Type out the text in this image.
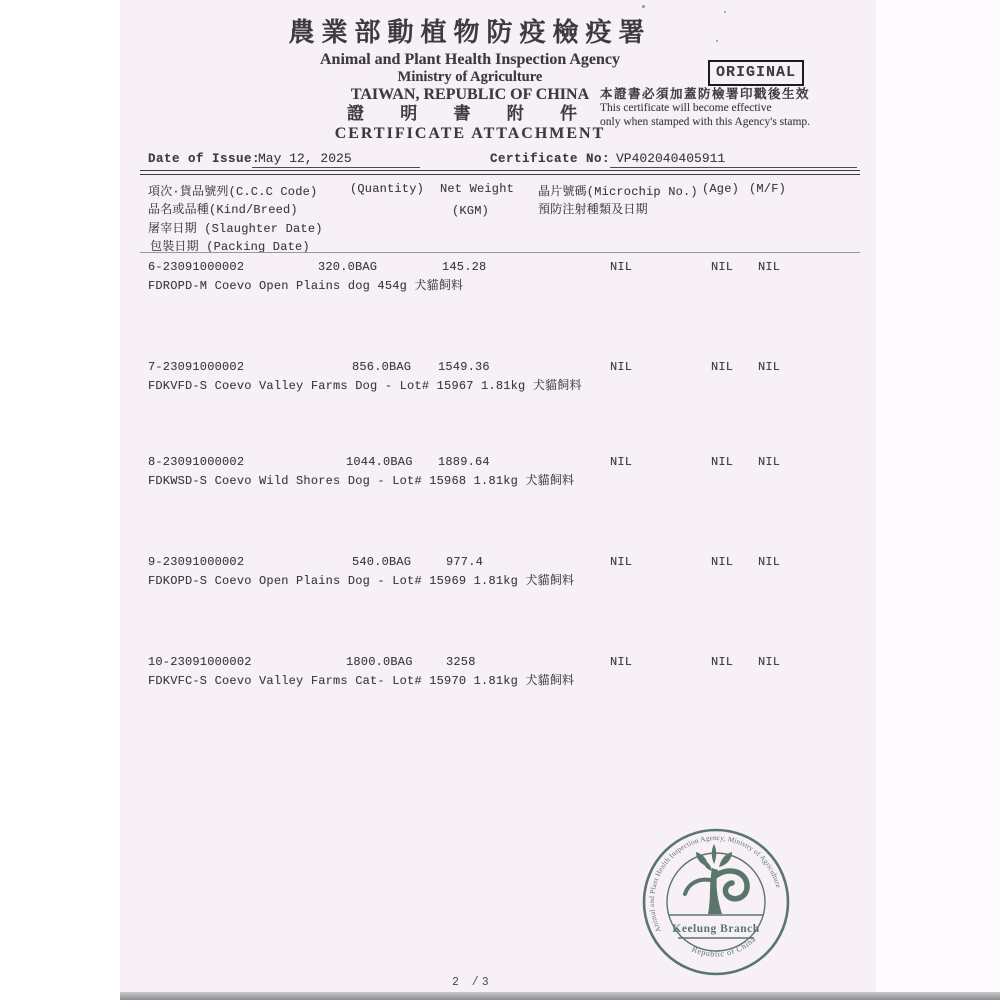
農業部動植物防疫檢疫署
Animal and Plant Health Inspection Agency
Ministry of Agriculture
TAIWAN, REPUBLIC OF CHINA
證 明 書 附 件
CERTIFICATE ATTACHMENT
ORIGINAL
本證書必須加蓋防檢署印戳後生效
This certificate will become effective
only when stamped with this Agency's stamp.
Date of Issue:
May 12, 2025	Certificate No: VP402040405911
項次·貨品號列(C.C.C Code)	(Quantity) Net Weight 晶片號碼(Microchip No.) (Age) (M/F)
品名或品種(Kind/Breed)	(KGM)	預防注射種類及日期
屠宰日期 (Slaughter Date)
包裝日期 (Packing Date)
6-23091000002	320.0BAG	145.28	NIL	NIL NIL
FDROPD-M Coevo Open Plains dog 454g 犬貓飼料
7-23091000002	856.0BAG 1549.36	NIL	NIL NIL
FDKVFD-S Coevo Valley Farms Dog - Lot# 15967 1.81kg 犬貓飼料
8-23091000002	1044.0BAG 1889.64	NIL	NIL NIL
FDKWSD-S Coevo Wild Shores Dog - Lot# 15968 1.81kg 犬貓飼料
9-23091000002	540.0BAG	977.4	NIL	NIL NIL
FDKOPD-S Coevo Open Plains Dog - Lot# 15969 1.81kg 犬貓飼料
10-23091000002	1800.0BAG	3258	NIL	NIL NIL
FDKVFC-S Coevo Valley Farms Cat- Lot# 15970 1.81kg 犬貓飼料
Animal and Plant Health Inspection Agency, Ministry of Agriculture
Republic of China
Keelung Branch
2 /3
